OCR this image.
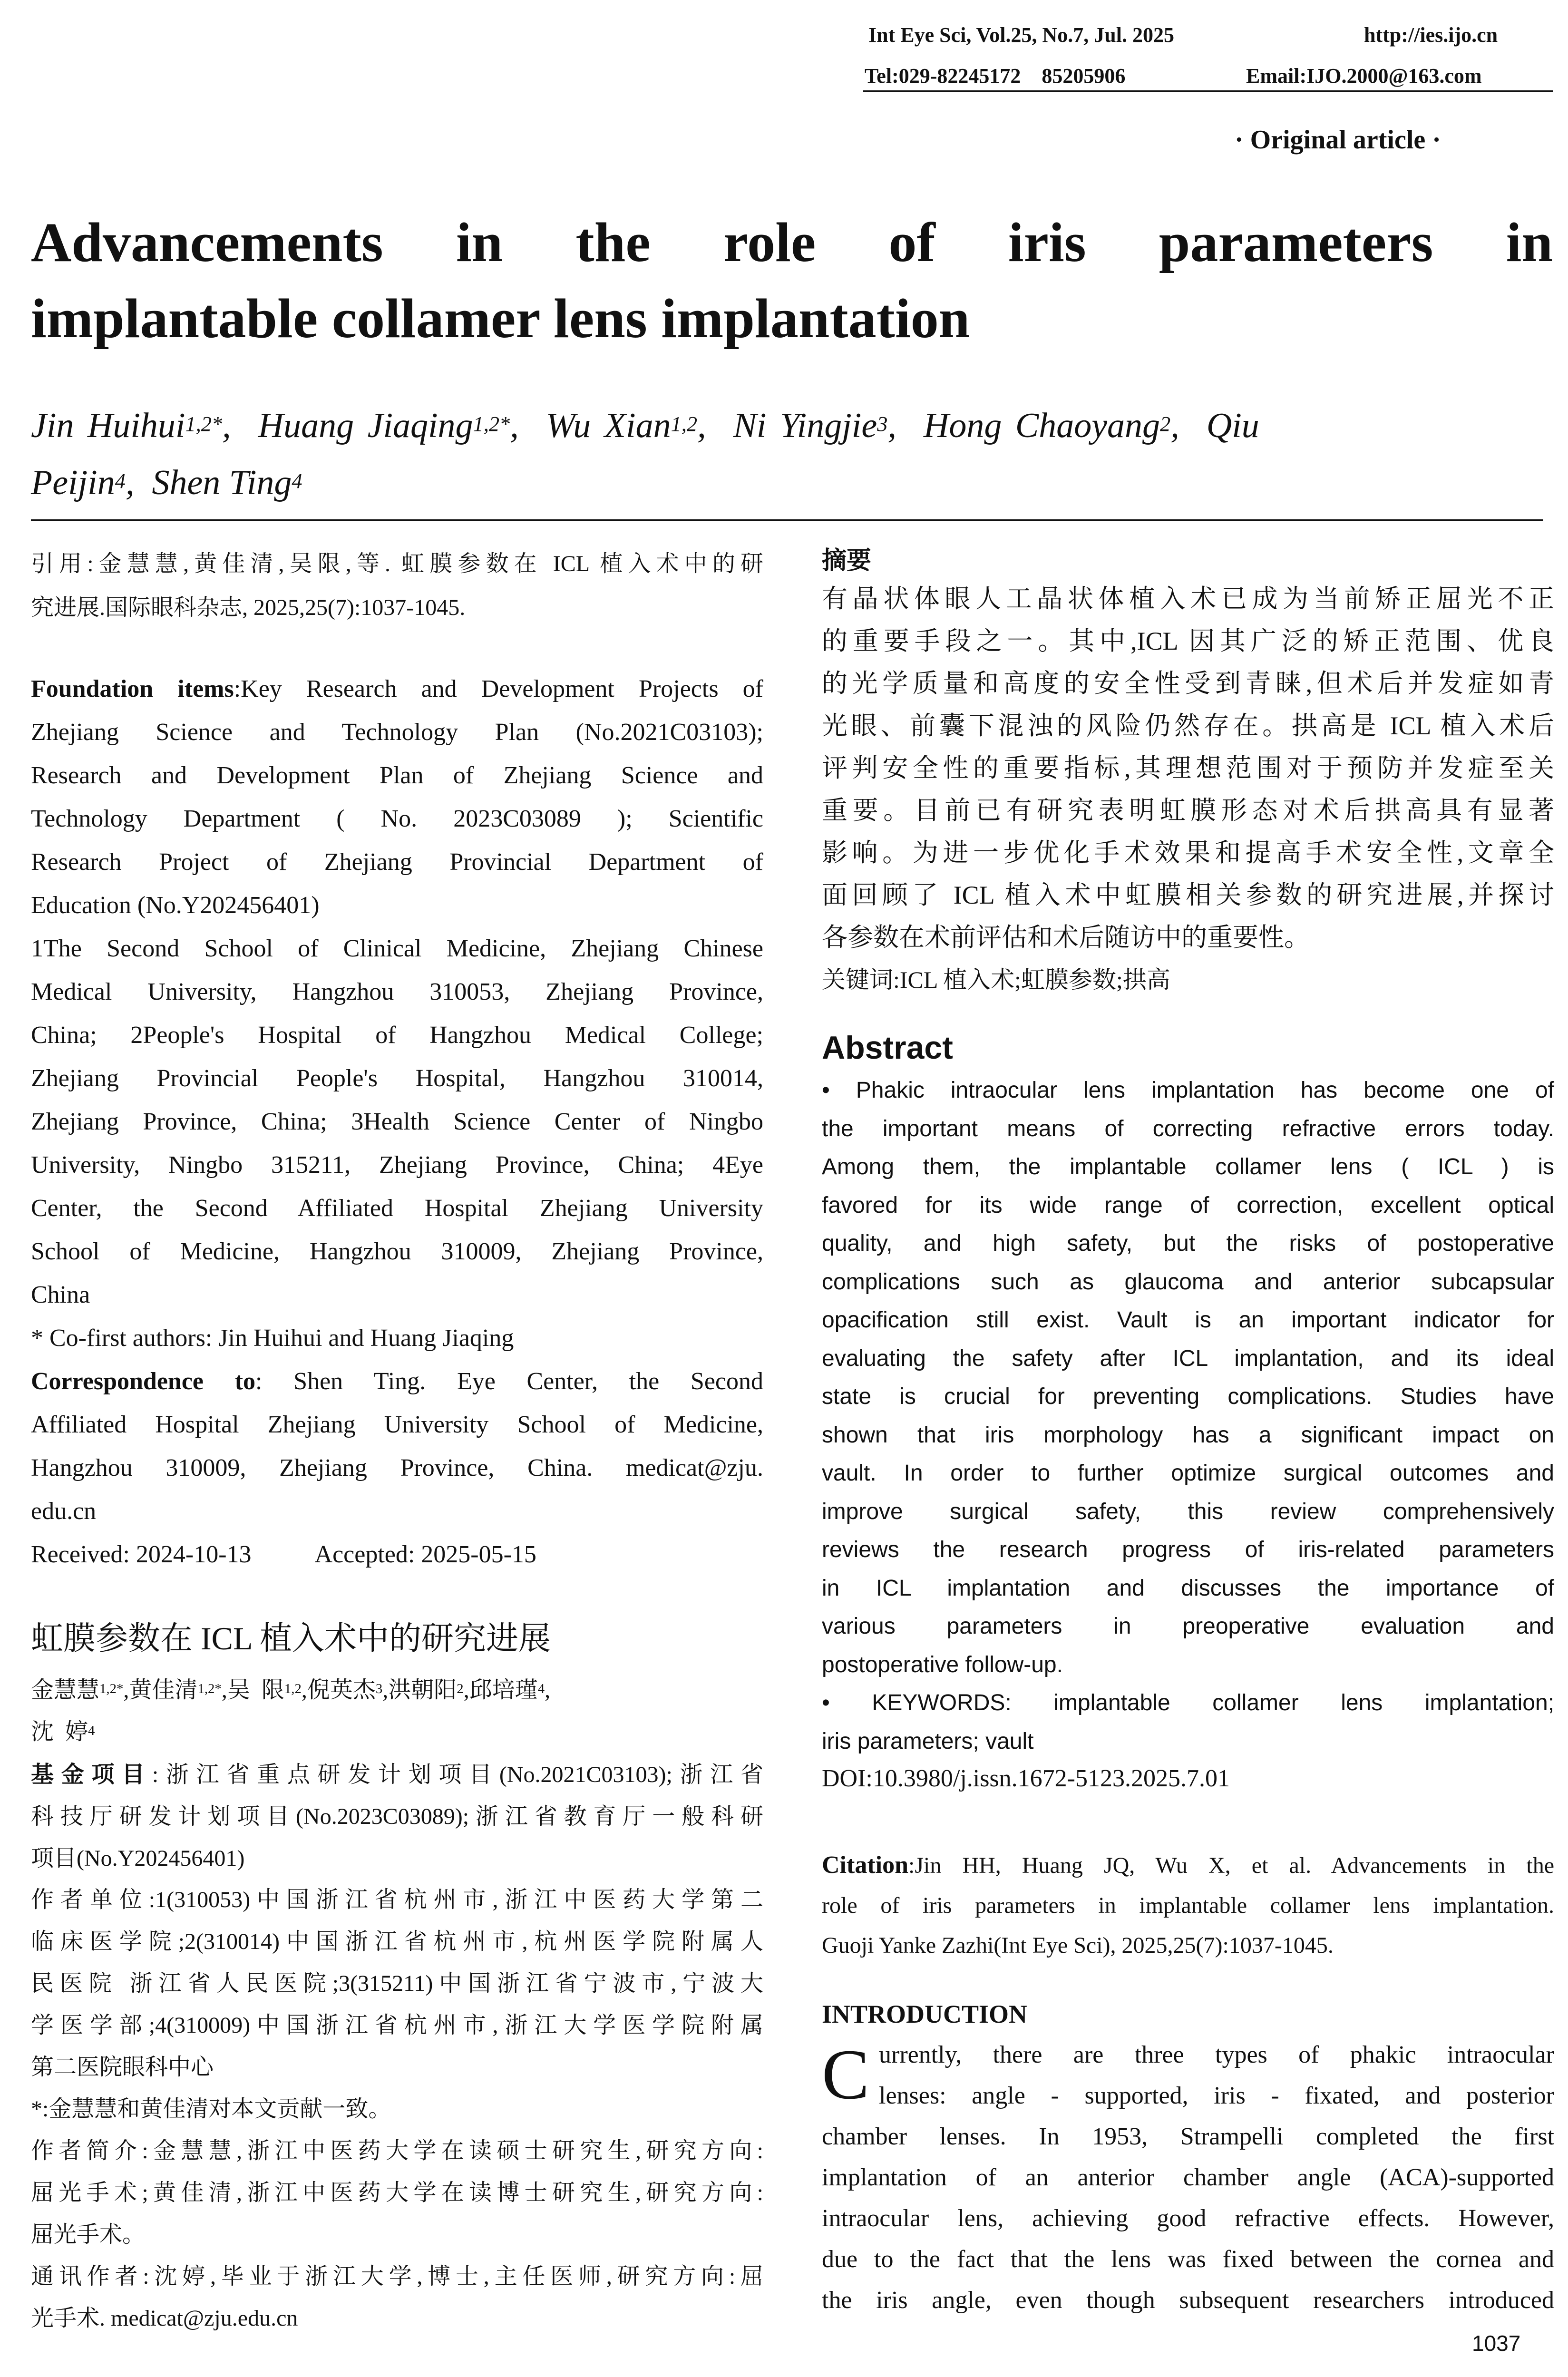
Int Eye Sci, Vol.25, No.7, Jul. 2025	http://ies.ijo.cn
Tel:029-82245172    85205906	Email:IJO.2000@163.com
· Original article ·
Advancements in the role of iris parameters in
implantable collamer lens implantation
Jin Huihui$^{1,2*}$,  Huang Jiaqing$^{1,2*}$,  Wu Xian$^{1,2}$,  Ni Yingjie$^3$,  Hong Chaoyang$^2$,  Qiu
Peijin$^4$,  Shen Ting$^4$
引用:金慧慧,黄佳清,吴限,等. 虹膜参数在 ICL 植入术中的研
究进展.国际眼科杂志, 2025,25(7):1037-1045.
Foundation items:Key Research and Development Projects of
Zhejiang Science and Technology Plan (No.2021C03103);
Research and Development Plan of Zhejiang Science and
Technology Department ( No. 2023C03089 ); Scientific
Research Project of Zhejiang Provincial Department of
Education (No.Y202456401)
1The Second School of Clinical Medicine, Zhejiang Chinese
Medical University, Hangzhou 310053, Zhejiang Province,
China; 2People's Hospital of Hangzhou Medical College;
Zhejiang Provincial People's Hospital, Hangzhou 310014,
Zhejiang Province, China; 3Health Science Center of Ningbo
University, Ningbo 315211, Zhejiang Province, China; 4Eye
Center, the Second Affiliated Hospital Zhejiang University
School of Medicine, Hangzhou 310009, Zhejiang Province,
China
* Co-first authors: Jin Huihui and Huang Jiaqing
Correspondence to: Shen Ting. Eye Center, the Second
Affiliated Hospital Zhejiang University School of Medicine,
Hangzhou 310009, Zhejiang Province, China. medicat@zju.
edu.cn
Received: 2024-10-13	Accepted: 2025-05-15
虹膜参数在 ICL 植入术中的研究进展
金慧慧$^{1,2*}$,黄佳清$^{1,2*}$,吴  限$^{1,2}$,倪英杰$^3$,洪朝阳$^2$,邱培瑾$^4$,
沈  婷$^4$
基金项目:浙江省重点研发计划项目(No.2021C03103);浙江省
科技厅研发计划项目(No.2023C03089);浙江省教育厅一般科研
项目(No.Y202456401)
作者单位:1(310053)中国浙江省杭州市,浙江中医药大学第二
临床医学院;2(310014)中国浙江省杭州市,杭州医学院附属人
民医院 浙江省人民医院;3(315211)中国浙江省宁波市,宁波大
学医学部;4(310009)中国浙江省杭州市,浙江大学医学院附属
第二医院眼科中心
*:金慧慧和黄佳清对本文贡献一致。
作者简介:金慧慧,浙江中医药大学在读硕士研究生,研究方向:
屈光手术;黄佳清,浙江中医药大学在读博士研究生,研究方向:
屈光手术。
通讯作者:沈婷,毕业于浙江大学,博士,主任医师,研究方向:屈
光手术. medicat@zju.edu.cn
摘要
有晶状体眼人工晶状体植入术已成为当前矫正屈光不正
的重要手段之一。其中,ICL 因其广泛的矫正范围、优良
的光学质量和高度的安全性受到青睐,但术后并发症如青
光眼、前囊下混浊的风险仍然存在。拱高是 ICL 植入术后
评判安全性的重要指标,其理想范围对于预防并发症至关
重要。目前已有研究表明虹膜形态对术后拱高具有显著
影响。为进一步优化手术效果和提高手术安全性,文章全
面回顾了 ICL 植入术中虹膜相关参数的研究进展,并探讨
各参数在术前评估和术后随访中的重要性。
关键词:ICL 植入术;虹膜参数;拱高
Abstract
• Phakic intraocular lens implantation has become one of
the important means of correcting refractive errors today.
Among them, the implantable collamer lens ( ICL ) is
favored for its wide range of correction, excellent optical
quality, and high safety, but the risks of postoperative
complications such as glaucoma and anterior subcapsular
opacification still exist. Vault is an important indicator for
evaluating the safety after ICL implantation, and its ideal
state is crucial for preventing complications. Studies have
shown that iris morphology has a significant impact on
vault. In order to further optimize surgical outcomes and
improve surgical safety, this review comprehensively
reviews the research progress of iris-related parameters
in ICL implantation and discusses the importance of
various parameters in preoperative evaluation and
postoperative follow-up.
• KEYWORDS: implantable collamer lens implantation;
iris parameters; vault
DOI:10.3980/j.issn.1672-5123.2025.7.01
Citation:Jin HH, Huang JQ, Wu X, et al. Advancements in the
role of iris parameters in implantable collamer lens implantation.
Guoji Yanke Zazhi(Int Eye Sci), 2025,25(7):1037-1045.
INTRODUCTION
C urrently, there are three types of phakic intraocular
lenses: angle - supported, iris - fixated, and posterior
chamber lenses. In 1953, Strampelli completed the first
implantation of an anterior chamber angle (ACA)-supported
intraocular lens, achieving good refractive effects. However,
due to the fact that the lens was fixed between the cornea and
the iris angle, even though subsequent researchers introduced
1037
